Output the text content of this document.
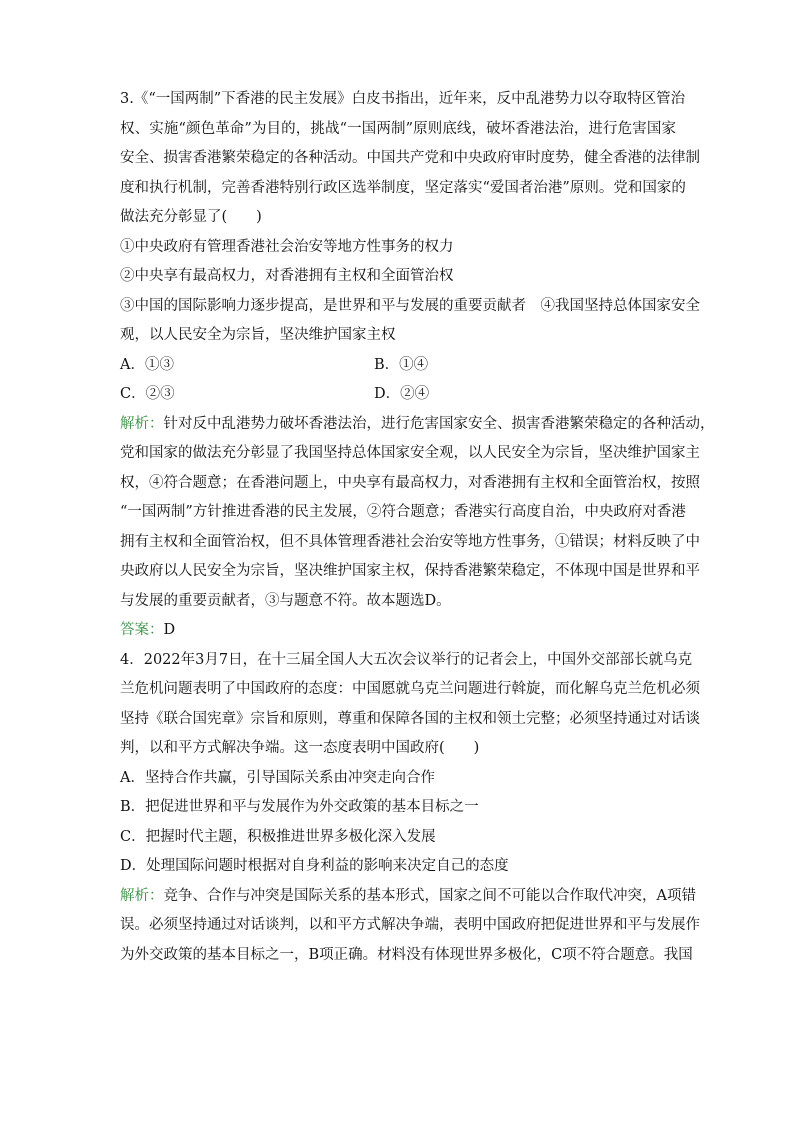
3.《“一国两制”下香港的民主发展》白皮书指出，近年来，反中乱港势力以夺取特区管治
权、实施“颜色革命”为目的，挑战“一国两制”原则底线，破坏香港法治，进行危害国家
安全、损害香港繁荣稳定的各种活动。中国共产党和中央政府审时度势，健全香港的法律制
度和执行机制，完善香港特别行政区选举制度，坚定落实“爱国者治港”原则。党和国家的
做法充分彰显了(　　)
①中央政府有管理香港社会治安等地方性事务的权力
②中央享有最高权力，对香港拥有主权和全面管治权
③中国的国际影响力逐步提高，是世界和平与发展的重要贡献者　④我国坚持总体国家安全
观，以人民安全为宗旨，坚决维护国家主权
A．①③	B．①④
C．②③	D．②④
解析：针对反中乱港势力破坏香港法治，进行危害国家安全、损害香港繁荣稳定的各种活动，
党和国家的做法充分彰显了我国坚持总体国家安全观，以人民安全为宗旨，坚决维护国家主
权，④符合题意；在香港问题上，中央享有最高权力，对香港拥有主权和全面管治权，按照
“一国两制”方针推进香港的民主发展，②符合题意；香港实行高度自治，中央政府对香港
拥有主权和全面管治权，但不具体管理香港社会治安等地方性事务，①错误；材料反映了中
央政府以人民安全为宗旨，坚决维护国家主权，保持香港繁荣稳定，不体现中国是世界和平
与发展的重要贡献者，③与题意不符。故本题选D。
答案：D
4．2022年3月7日，在十三届全国人大五次会议举行的记者会上，中国外交部部长就乌克
兰危机问题表明了中国政府的态度：中国愿就乌克兰问题进行斡旋，而化解乌克兰危机必须
坚持《联合国宪章》宗旨和原则，尊重和保障各国的主权和领土完整；必须坚持通过对话谈
判，以和平方式解决争端。这一态度表明中国政府(　　)
A．坚持合作共赢，引导国际关系由冲突走向合作
B．把促进世界和平与发展作为外交政策的基本目标之一
C．把握时代主题，积极推进世界多极化深入发展
D．处理国际问题时根据对自身利益的影响来决定自己的态度
解析：竞争、合作与冲突是国际关系的基本形式，国家之间不可能以合作取代冲突，A项错
误。必须坚持通过对话谈判，以和平方式解决争端，表明中国政府把促进世界和平与发展作
为外交政策的基本目标之一，B项正确。材料没有体现世界多极化，C项不符合题意。我国
